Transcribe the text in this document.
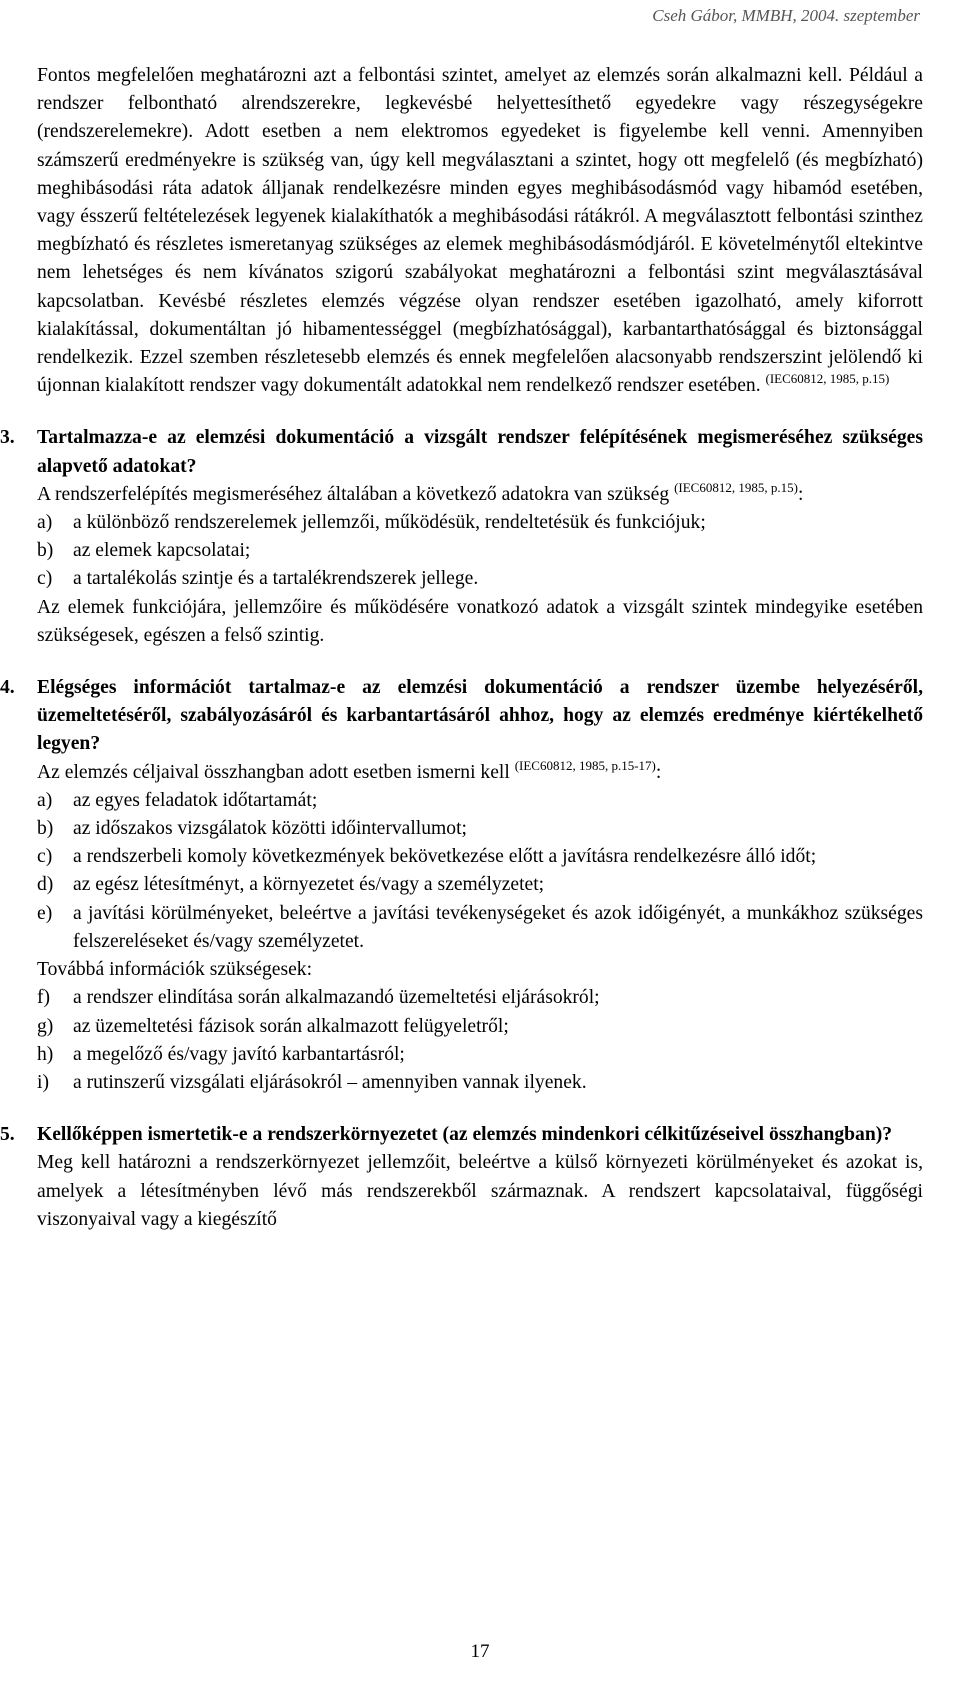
Cseh Gábor, MMBH, 2004. szeptember

Fontos megfelelően meghatározni azt a felbontási szintet, amelyet az elemzés során alkalmazni kell. Például a rendszer felbontható alrendszerekre, legkevésbé helyettesíthető egyedekre vagy részegységekre (rendszerelemekre). Adott esetben a nem elektromos egyedeket is figyelembe kell venni. Amennyiben számszerű eredményekre is szükség van, úgy kell megválasztani a szintet, hogy ott megfelelő (és megbízható) meghibásodási ráta adatok álljanak rendelkezésre minden egyes meghibásodásmód vagy hibamód esetében, vagy ésszerű feltételezések legyenek kialakíthatók a meghibásodási rátákról. A megválasztott felbontási szinthez megbízható és részletes ismeretanyag szükséges az elemek meghibásodásmódjáról. E követelménytől eltekintve nem lehetséges és nem kívánatos szigorú szabályokat meghatározni a felbontási szint megválasztásával kapcsolatban. Kevésbé részletes elemzés végzése olyan rendszer esetében igazolható, amely kiforrott kialakítással, dokumentáltan jó hibamentességgel (megbízhatósággal), karbantarthatósággal és biztonsággal rendelkezik. Ezzel szemben részletesebb elemzés és ennek megfelelően alacsonyabb rendszerszint jelölendő ki újonnan kialakított rendszer vagy dokumentált adatokkal nem rendelkező rendszer esetében. $^{(IEC60812, 1985, p.15)}$

3.	Tartalmazza-e az elemzési dokumentáció a vizsgált rendszer felépítésének megismeréséhez szükséges alapvető adatokat?

A rendszerfelépítés megismeréséhez általában a következő adatokra van szükség $^{(IEC60812, 1985, p.15)}$:

a)	a különböző rendszerelemek jellemzői, működésük, rendeltetésük és funkciójuk;
b)	az elemek kapcsolatai;
c)	a tartalékolás szintje és a tartalékrendszerek jellege.

Az elemek funkciójára, jellemzőire és működésére vonatkozó adatok a vizsgált szintek mindegyike esetében szükségesek, egészen a felső szintig.

4.	Elégséges információt tartalmaz-e az elemzési dokumentáció a rendszer üzembe helyezéséről, üzemeltetéséről, szabályozásáról és karbantartásáról ahhoz, hogy az elemzés eredménye kiértékelhető legyen?

Az elemzés céljaival összhangban adott esetben ismerni kell $^{(IEC60812, 1985, p.15-17)}$:

a)	az egyes feladatok időtartamát;
b)	az időszakos vizsgálatok közötti időintervallumot;
c)	a rendszerbeli komoly következmények bekövetkezése előtt a javításra rendelkezésre álló időt;
d)	az egész létesítményt, a környezetet és/vagy a személyzetet;
e)	a javítási körülményeket, beleértve a javítási tevékenységeket és azok időigényét, a munkákhoz szükséges felszereléseket és/vagy személyzetet.

Továbbá információk szükségesek:

f)	a rendszer elindítása során alkalmazandó üzemeltetési eljárásokról;
g)	az üzemeltetési fázisok során alkalmazott felügyeletről;
h)	a megelőző és/vagy javító karbantartásról;
i)	a rutinszerű vizsgálati eljárásokról – amennyiben vannak ilyenek.
5.	Kellőképpen ismertetik-e a rendszerkörnyezetet (az elemzés mindenkori célkitűzéseivel összhangban)?

Meg kell határozni a rendszerkörnyezet jellemzőit, beleértve a külső környezeti körülményeket és azokat is, amelyek a létesítményben lévő más rendszerekből származnak. A rendszert kapcsolataival, függőségi viszonyaival vagy a kiegészítő

17
